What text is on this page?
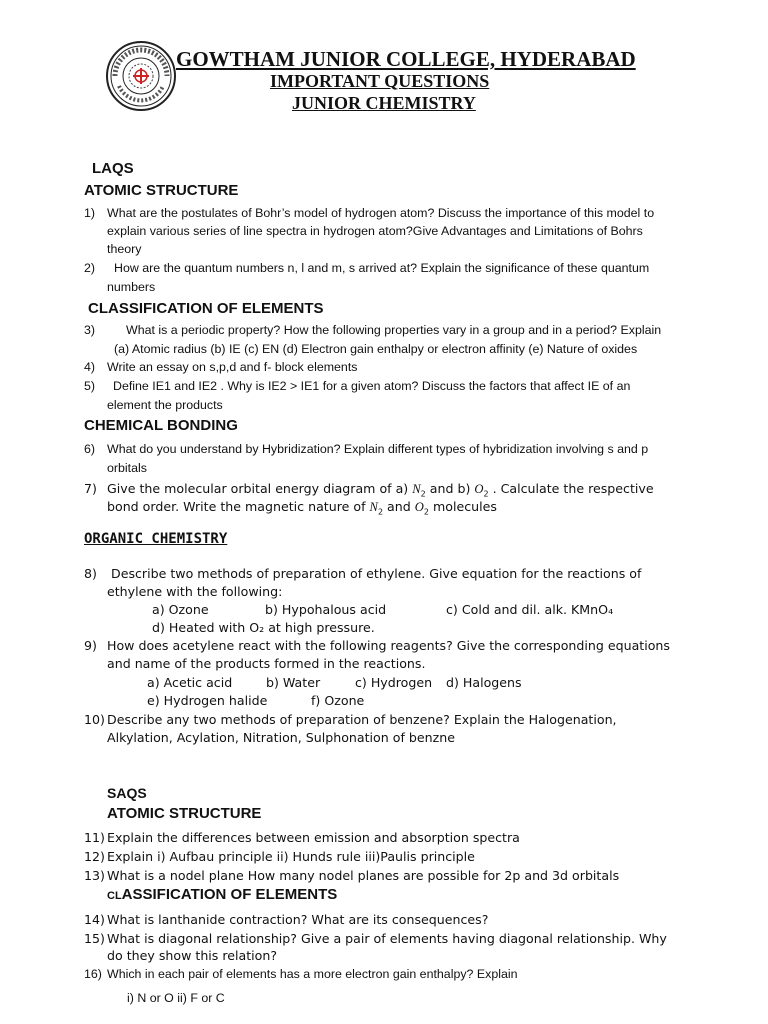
GOWTHAM JUNIOR COLLEGE, HYDERABAD
IMPORTANT QUESTIONS
JUNIOR CHEMISTRY
LAQS
ATOMIC STRUCTURE
1) What are the postulates of Bohr’s model of hydrogen atom? Discuss the importance of this model to
explain various series of line spectra in hydrogen atom?Give Advantages and Limitations of Bohrs
theory
2) How are the quantum numbers n, l and m, s arrived at? Explain the significance of these quantum
numbers
CLASSIFICATION OF ELEMENTS
3) What is a periodic property? How the following properties vary in a group and in a period? Explain
(a) Atomic radius (b) IE (c) EN (d) Electron gain enthalpy or electron affinity (e) Nature of oxides
4) Write an essay on s,p,d and f- block elements
5) Define IE1 and IE2 . Why is IE2 > IE1 for a given atom? Discuss the factors that affect IE of an
element the products
CHEMICAL BONDING
6) What do you understand by Hybridization? Explain different types of hybridization involving s and p
orbitals
7) Give the molecular orbital energy diagram of a) $N_2$ and b) $O_2$ . Calculate the respective
bond order. Write the magnetic nature of $N_2$ and $O_2$ molecules
ORGANIC CHEMISTRY
8) Describe two methods of preparation of ethylene. Give equation for the reactions of
ethylene with the following:
a) Ozone	b) Hypohalous acid	c) Cold and dil. alk. KMnO₄
d) Heated with O₂ at high pressure.
9) How does acetylene react with the following reagents? Give the corresponding equations
and name of the products formed in the reactions.
a) Acetic acid	b) Water	c) Hydrogen d) Halogens
e) Hydrogen halide	f) Ozone
10) Describe any two methods of preparation of benzene? Explain the Halogenation,
Alkylation, Acylation, Nitration, Sulphonation of benzne
SAQS
ATOMIC STRUCTURE
11) Explain the differences between emission and absorption spectra
12) Explain i) Aufbau principle ii) Hunds rule iii)Paulis principle
13) What is a nodel plane How many nodel planes are possible for 2p and 3d orbitals
CLASSIFICATION OF ELEMENTS
14) What is lanthanide contraction? What are its consequences?
15) What is diagonal relationship? Give a pair of elements having diagonal relationship. Why
do they show this relation?
16) Which in each pair of elements has a more electron gain enthalpy? Explain
i) N or O ii) F or C
